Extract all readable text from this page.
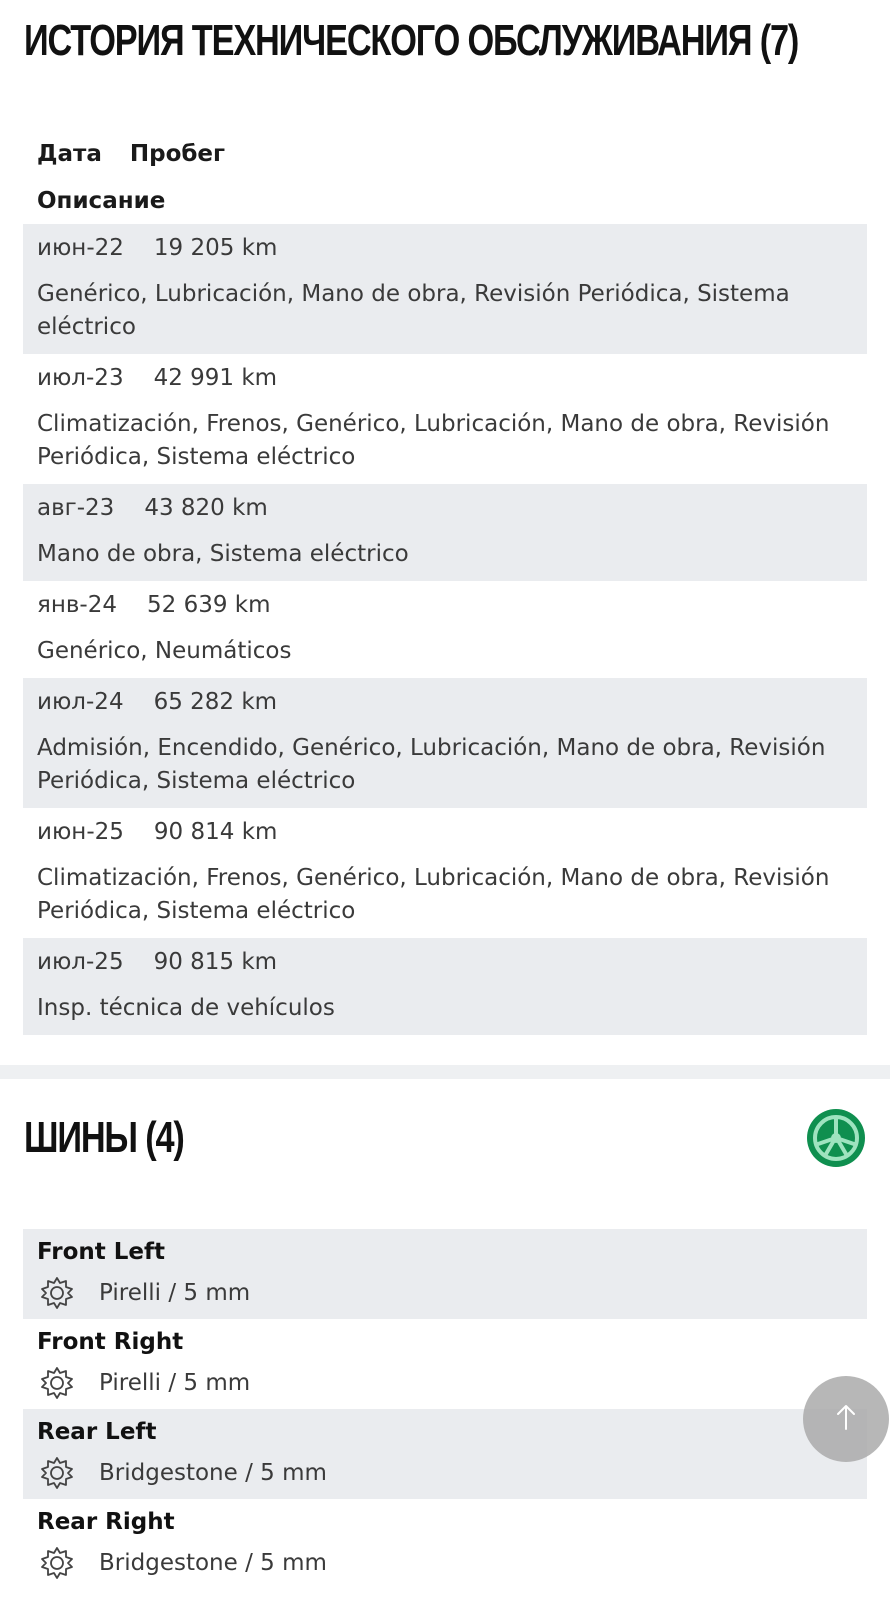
ИСТОРИЯ ТЕХНИЧЕСКОГО ОБСЛУЖИВАНИЯ (7)
Дата Пробег
Описание
июн-22 19 205 km
Genérico, Lubricación, Mano de obra, Revisión Periódica, Sistema eléctrico
июл-23 42 991 km
Climatización, Frenos, Genérico, Lubricación, Mano de obra, Revisión Periódica, Sistema eléctrico
авг-23 43 820 km
Mano de obra, Sistema eléctrico
янв-24 52 639 km
Genérico, Neumáticos
июл-24 65 282 km
Admisión, Encendido, Genérico, Lubricación, Mano de obra, Revisión Periódica, Sistema eléctrico
июн-25 90 814 km
Climatización, Frenos, Genérico, Lubricación, Mano de obra, Revisión Periódica, Sistema eléctrico
июл-25 90 815 km
Insp. técnica de vehículos
ШИНЫ (4)
Front Left
Pirelli / 5 mm
Front Right
Pirelli / 5 mm
Rear Left
Bridgestone / 5 mm
Rear Right
Bridgestone / 5 mm
